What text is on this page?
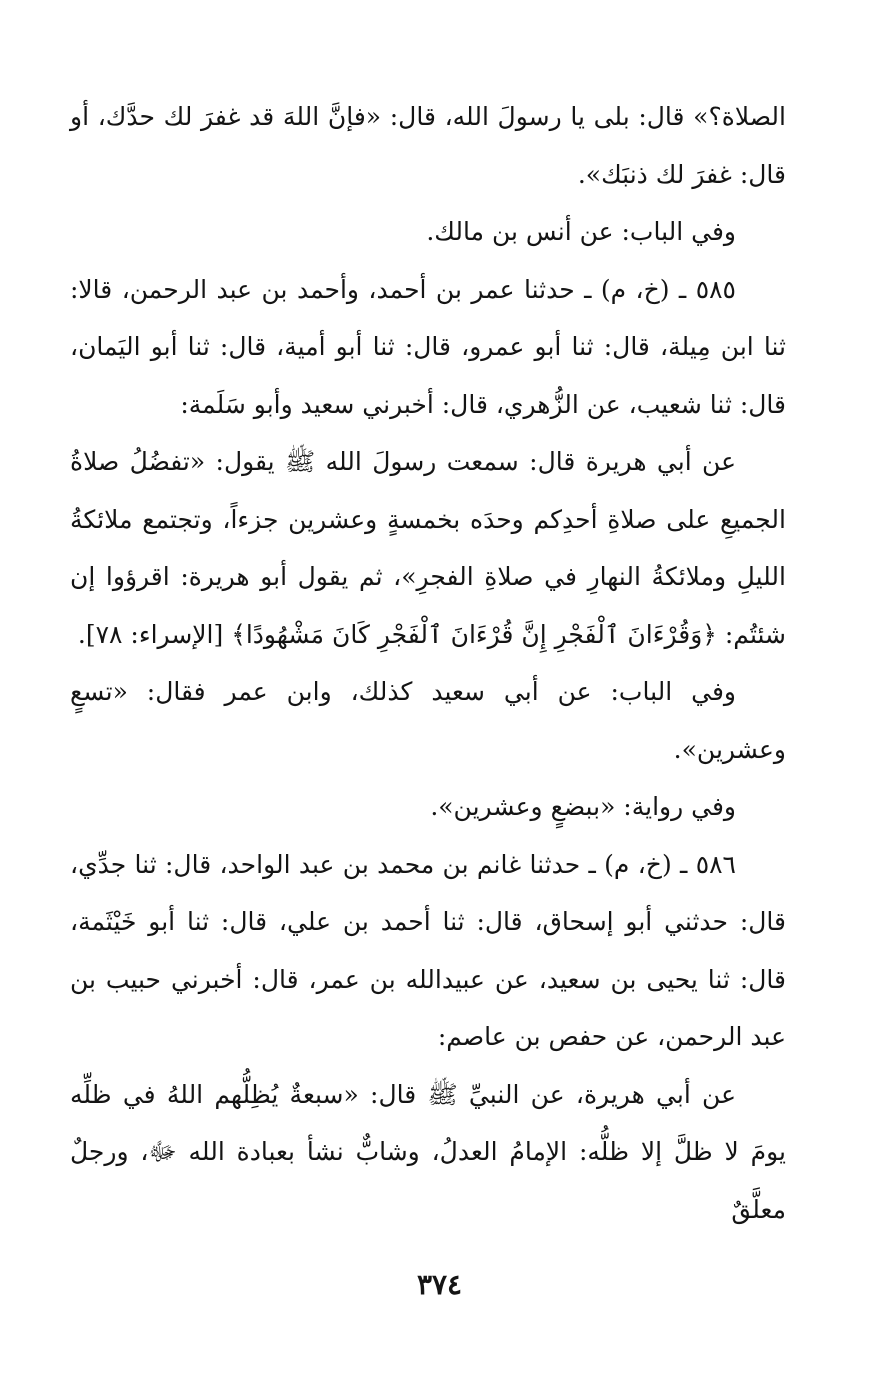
الصلاة؟» قال: بلى يا رسولَ الله، قال: «فإنَّ اللهَ قد غفرَ لك حدَّك، أو قال: غفرَ لك ذنبَك».

وفي الباب: عن أنس بن مالك.

٥٨٥ ـ (خ، م) ـ حدثنا عمر بن أحمد، وأحمد بن عبد الرحمن، قالا: ثنا ابن مِيلة، قال: ثنا أبو عمرو، قال: ثنا أبو أمية، قال: ثنا أبو اليَمان، قال: ثنا شعيب، عن الزُّهري، قال: أخبرني سعيد وأبو سَلَمة:

عن أبي هريرة قال: سمعت رسولَ الله ﷺ يقول: «تفضُلُ صلاةُ الجميعِ على صلاةِ أحدِكم وحدَه بخمسةٍ وعشرين جزءاً، وتجتمع ملائكةُ الليلِ وملائكةُ النهارِ في صلاةِ الفجرِ»، ثم يقول أبو هريرة: اقرؤوا إن شئتُم: ﴿وَقُرْءَانَ ٱلْفَجْرِ إِنَّ قُرْءَانَ ٱلْفَجْرِ كَانَ مَشْهُودًا﴾ [الإسراء: ٧٨].

وفي الباب: عن أبي سعيد كذلك، وابن عمر فقال: «تسعٍ وعشرين».

وفي رواية: «ببضعٍ وعشرين».

٥٨٦ ـ (خ، م) ـ حدثنا غانم بن محمد بن عبد الواحد، قال: ثنا جدِّي، قال: حدثني أبو إسحاق، قال: ثنا أحمد بن علي، قال: ثنا أبو خَيْثَمة، قال: ثنا يحيى بن سعيد، عن عبيدالله بن عمر، قال: أخبرني حبيب بن عبد الرحمن، عن حفص بن عاصم:

عن أبي هريرة، عن النبيِّ ﷺ قال: «سبعةٌ يُظِلُّهم اللهُ في ظلِّه يومَ لا ظلَّ إلا ظلُّه: الإمامُ العدلُ، وشابٌّ نشأ بعبادة الله ﷻ، ورجلٌ معلَّقٌ

٣٧٤
